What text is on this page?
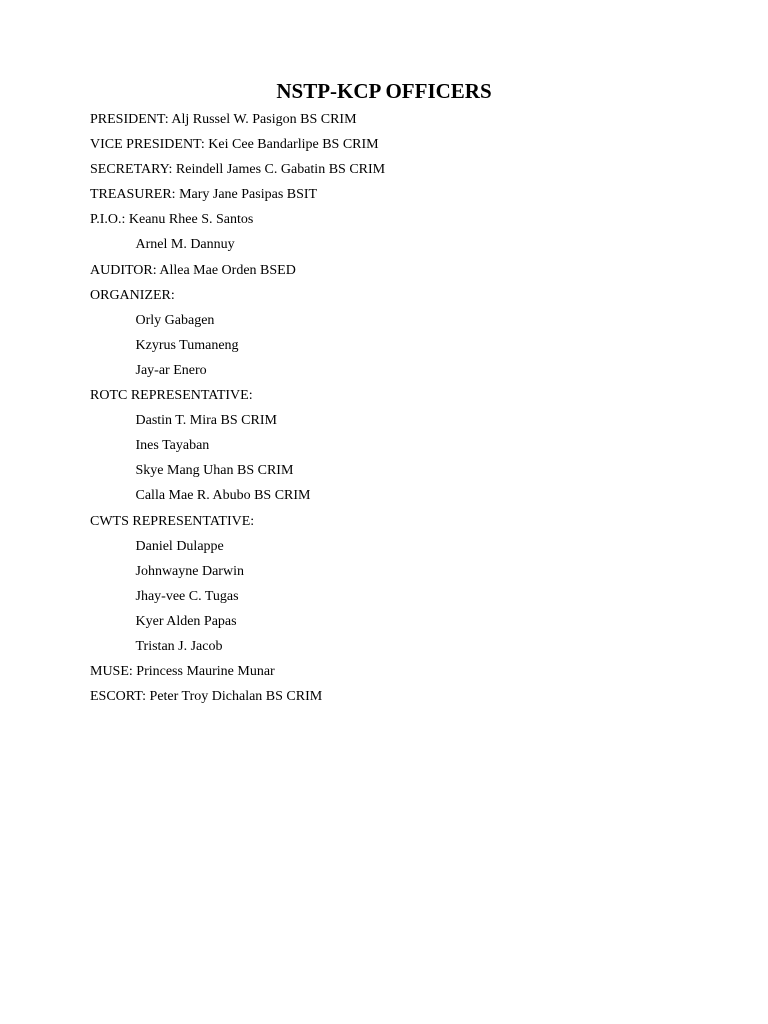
NSTP-KCP OFFICERS
PRESIDENT: Alj Russel W. Pasigon BS CRIM
VICE PRESIDENT: Kei Cee Bandarlipe BS CRIM
SECRETARY: Reindell James C. Gabatin BS CRIM
TREASURER: Mary Jane Pasipas BSIT
P.I.O.: Keanu Rhee S. Santos
Arnel M. Dannuy
AUDITOR: Allea Mae Orden BSED
ORGANIZER:
Orly Gabagen
Kzyrus Tumaneng
Jay-ar Enero
ROTC REPRESENTATIVE:
Dastin T. Mira BS CRIM
Ines Tayaban
Skye Mang Uhan BS CRIM
Calla Mae R. Abubo BS CRIM
CWTS REPRESENTATIVE:
Daniel Dulappe
Johnwayne Darwin
Jhay-vee C. Tugas
Kyer Alden Papas
Tristan J. Jacob
MUSE: Princess Maurine Munar
ESCORT: Peter Troy Dichalan BS CRIM
